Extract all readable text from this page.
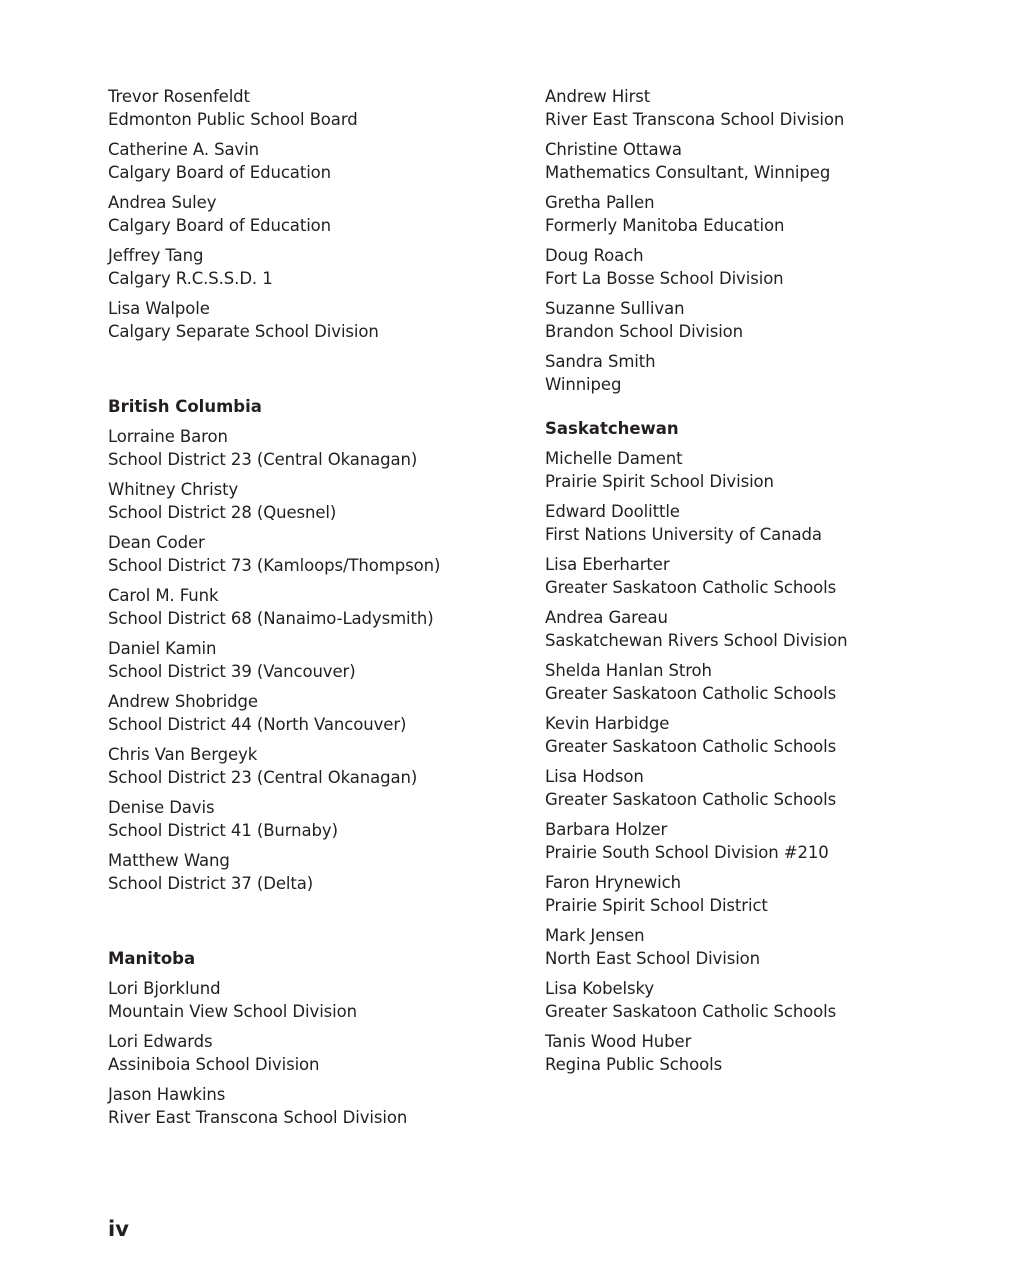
Trevor Rosenfeldt
Edmonton Public School Board
Catherine A. Savin
Calgary Board of Education
Andrea Suley
Calgary Board of Education
Jeffrey Tang
Calgary R.C.S.S.D. 1
Lisa Walpole
Calgary Separate School Division
British Columbia
Lorraine Baron
School District 23 (Central Okanagan)
Whitney Christy
School District 28 (Quesnel)
Dean Coder
School District 73 (Kamloops/Thompson)
Carol M. Funk
School District 68 (Nanaimo-Ladysmith)
Daniel Kamin
School District 39 (Vancouver)
Andrew Shobridge
School District 44 (North Vancouver)
Chris Van Bergeyk
School District 23 (Central Okanagan)
Denise Davis
School District 41 (Burnaby)
Matthew Wang
School District 37 (Delta)
Manitoba
Lori Bjorklund
Mountain View School Division
Lori Edwards
Assiniboia School Division
Jason Hawkins
River East Transcona School Division
Andrew Hirst
River East Transcona School Division
Christine Ottawa
Mathematics Consultant, Winnipeg
Gretha Pallen
Formerly Manitoba Education
Doug Roach
Fort La Bosse School Division
Suzanne Sullivan
Brandon School Division
Sandra Smith
Winnipeg
Saskatchewan
Michelle Dament
Prairie Spirit School Division
Edward Doolittle
First Nations University of Canada
Lisa Eberharter
Greater Saskatoon Catholic Schools
Andrea Gareau
Saskatchewan Rivers School Division
Shelda Hanlan Stroh
Greater Saskatoon Catholic Schools
Kevin Harbidge
Greater Saskatoon Catholic Schools
Lisa Hodson
Greater Saskatoon Catholic Schools
Barbara Holzer
Prairie South School Division #210
Faron Hrynewich
Prairie Spirit School District
Mark Jensen
North East School Division
Lisa Kobelsky
Greater Saskatoon Catholic Schools
Tanis Wood Huber
Regina Public Schools
iv
